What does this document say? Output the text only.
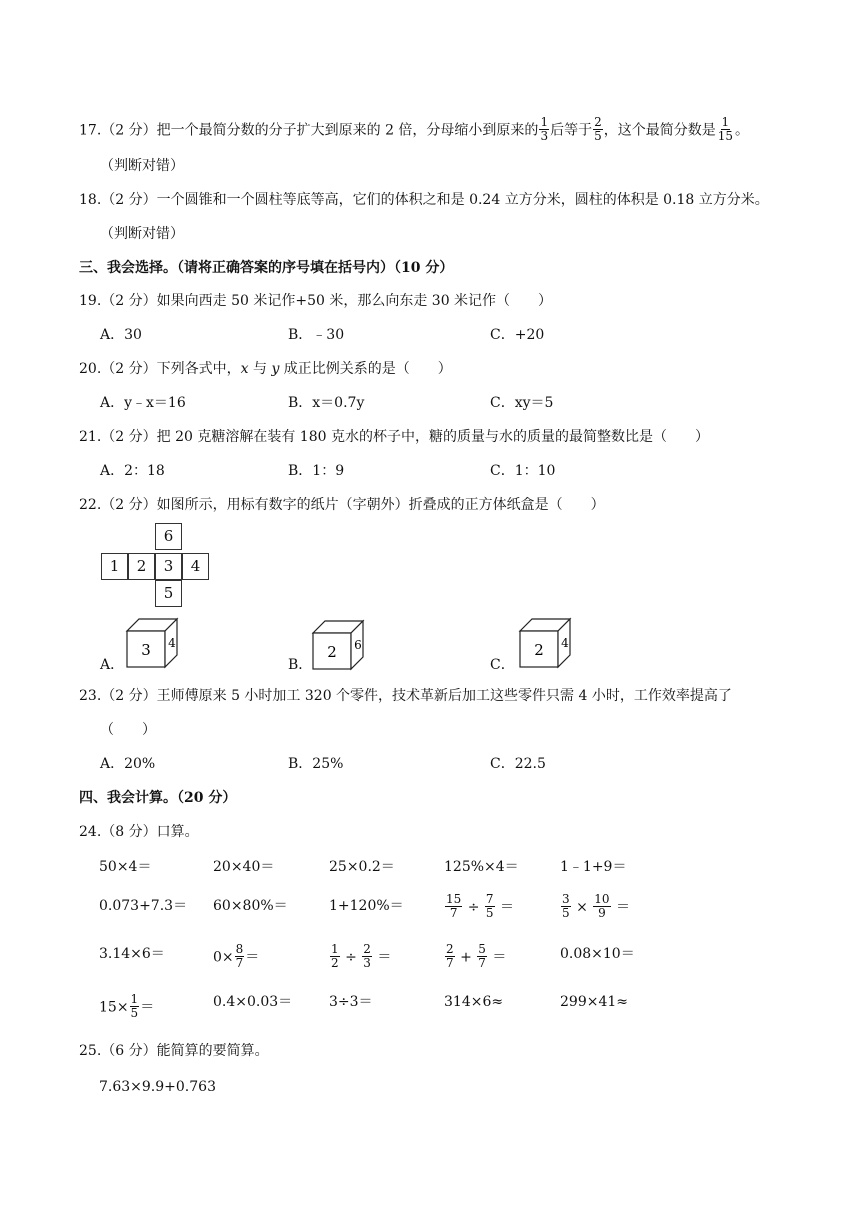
17.（2 分）把一个最简分数的分子扩大到原来的 2 倍，分母缩小到原来的 $\frac{1}{3}$ 后等于 $\frac{2}{5}$ ，这个最简分数是 $\frac{1}{15}$ 。
（判断对错）
18.（2 分）一个圆锥和一个圆柱等底等高，它们的体积之和是 0.24 立方分米，圆柱的体积是 0.18 立方分米。
（判断对错）
三、我会选择。（请将正确答案的序号填在括号内）（10 分）
19.（2 分）如果向西走 50 米记作+50 米，那么向东走 30 米记作（　　）
A．30	B．﹣30	C．+20
20.（2 分）下列各式中，x 与 y 成正比例关系的是（　　）
A．y﹣x＝16	B．x＝0.7y	C．xy＝5
21.（2 分）把 20 克糖溶解在装有 180 克水的杯子中，糖的质量与水的质量的最简整数比是（　　）
A．2：18	B．1：9	C．1：10
22.（2 分）如图所示，用标有数字的纸片（字朝外）折叠成的正方体纸盒是（　　）
6
1	2	3	4
5
A．
3 4
B．
2 6
C．
2 4
23.（2 分）王师傅原来 5 小时加工 320 个零件，技术革新后加工这些零件只需 4 小时，工作效率提高了
（　　）
A．20%	B．25%	C．22.5
四、我会计算。（20 分）
24.（8 分）口算。
50×4＝	20×40＝	25×0.2＝	125%×4＝	1﹣1+9＝
0.073+7.3＝ 60×80%＝	1+120%＝	$\frac{15}{7} \div \frac{7}{5}$ ＝	$\frac{3}{5} \times \frac{10}{9}$ ＝
3.14×6＝	$0\times \frac{8}{7}$ ＝	$\frac{1}{2} \div \frac{2}{3}$ ＝	$\frac{2}{7} + \frac{5}{7}$ ＝	0.08×10＝
$15\times \frac{1}{5}$ ＝	0.4×0.03＝	3÷3＝	314×6≈	299×41≈
25.（6 分）能简算的要简算。
7.63×9.9+0.763
